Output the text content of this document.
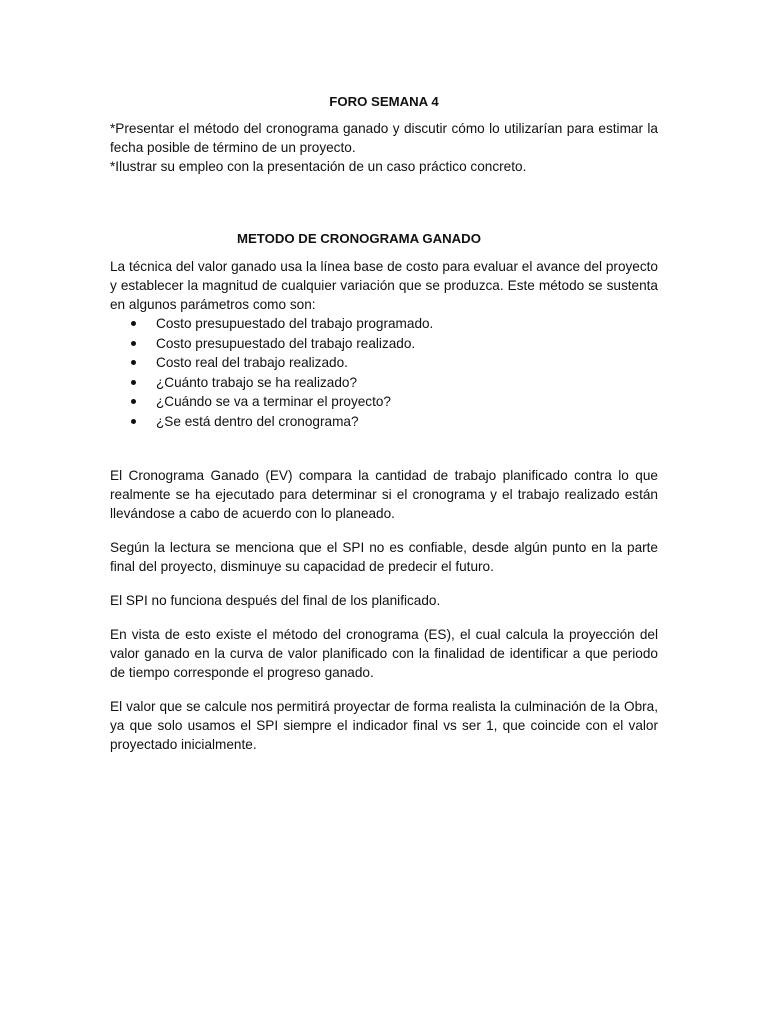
FORO SEMANA 4

*Presentar el método del cronograma ganado y discutir cómo lo utilizarían para estimar la fecha posible de término de un proyecto.

*Ilustrar su empleo con la presentación de un caso práctico concreto.

METODO DE CRONOGRAMA GANADO

La técnica del valor ganado usa la línea base de costo para evaluar el avance del proyecto y establecer la magnitud de cualquier variación que se produzca. Este método se sustenta en algunos parámetros como son:

Costo presupuestado del trabajo programado.
Costo presupuestado del trabajo realizado.
Costo real del trabajo realizado.
¿Cuánto trabajo se ha realizado?
¿Cuándo se va a terminar el proyecto?
¿Se está dentro del cronograma?

El Cronograma Ganado (EV) compara la cantidad de trabajo planificado contra lo que realmente se ha ejecutado para determinar si el cronograma y el trabajo realizado están llevándose a cabo de acuerdo con lo planeado.

Según la lectura se menciona que el SPI no es confiable, desde algún punto en la parte final del proyecto, disminuye su capacidad de predecir el futuro.

El SPI no funciona después del final de los planificado.

En vista de esto existe el método del cronograma (ES), el cual calcula la proyección del valor ganado en la curva de valor planificado con la finalidad de identificar a que periodo de tiempo corresponde el progreso ganado.

El valor que se calcule nos permitirá proyectar de forma realista la culminación de la Obra, ya que solo usamos el SPI siempre el indicador final vs ser 1, que coincide con el valor proyectado inicialmente.
